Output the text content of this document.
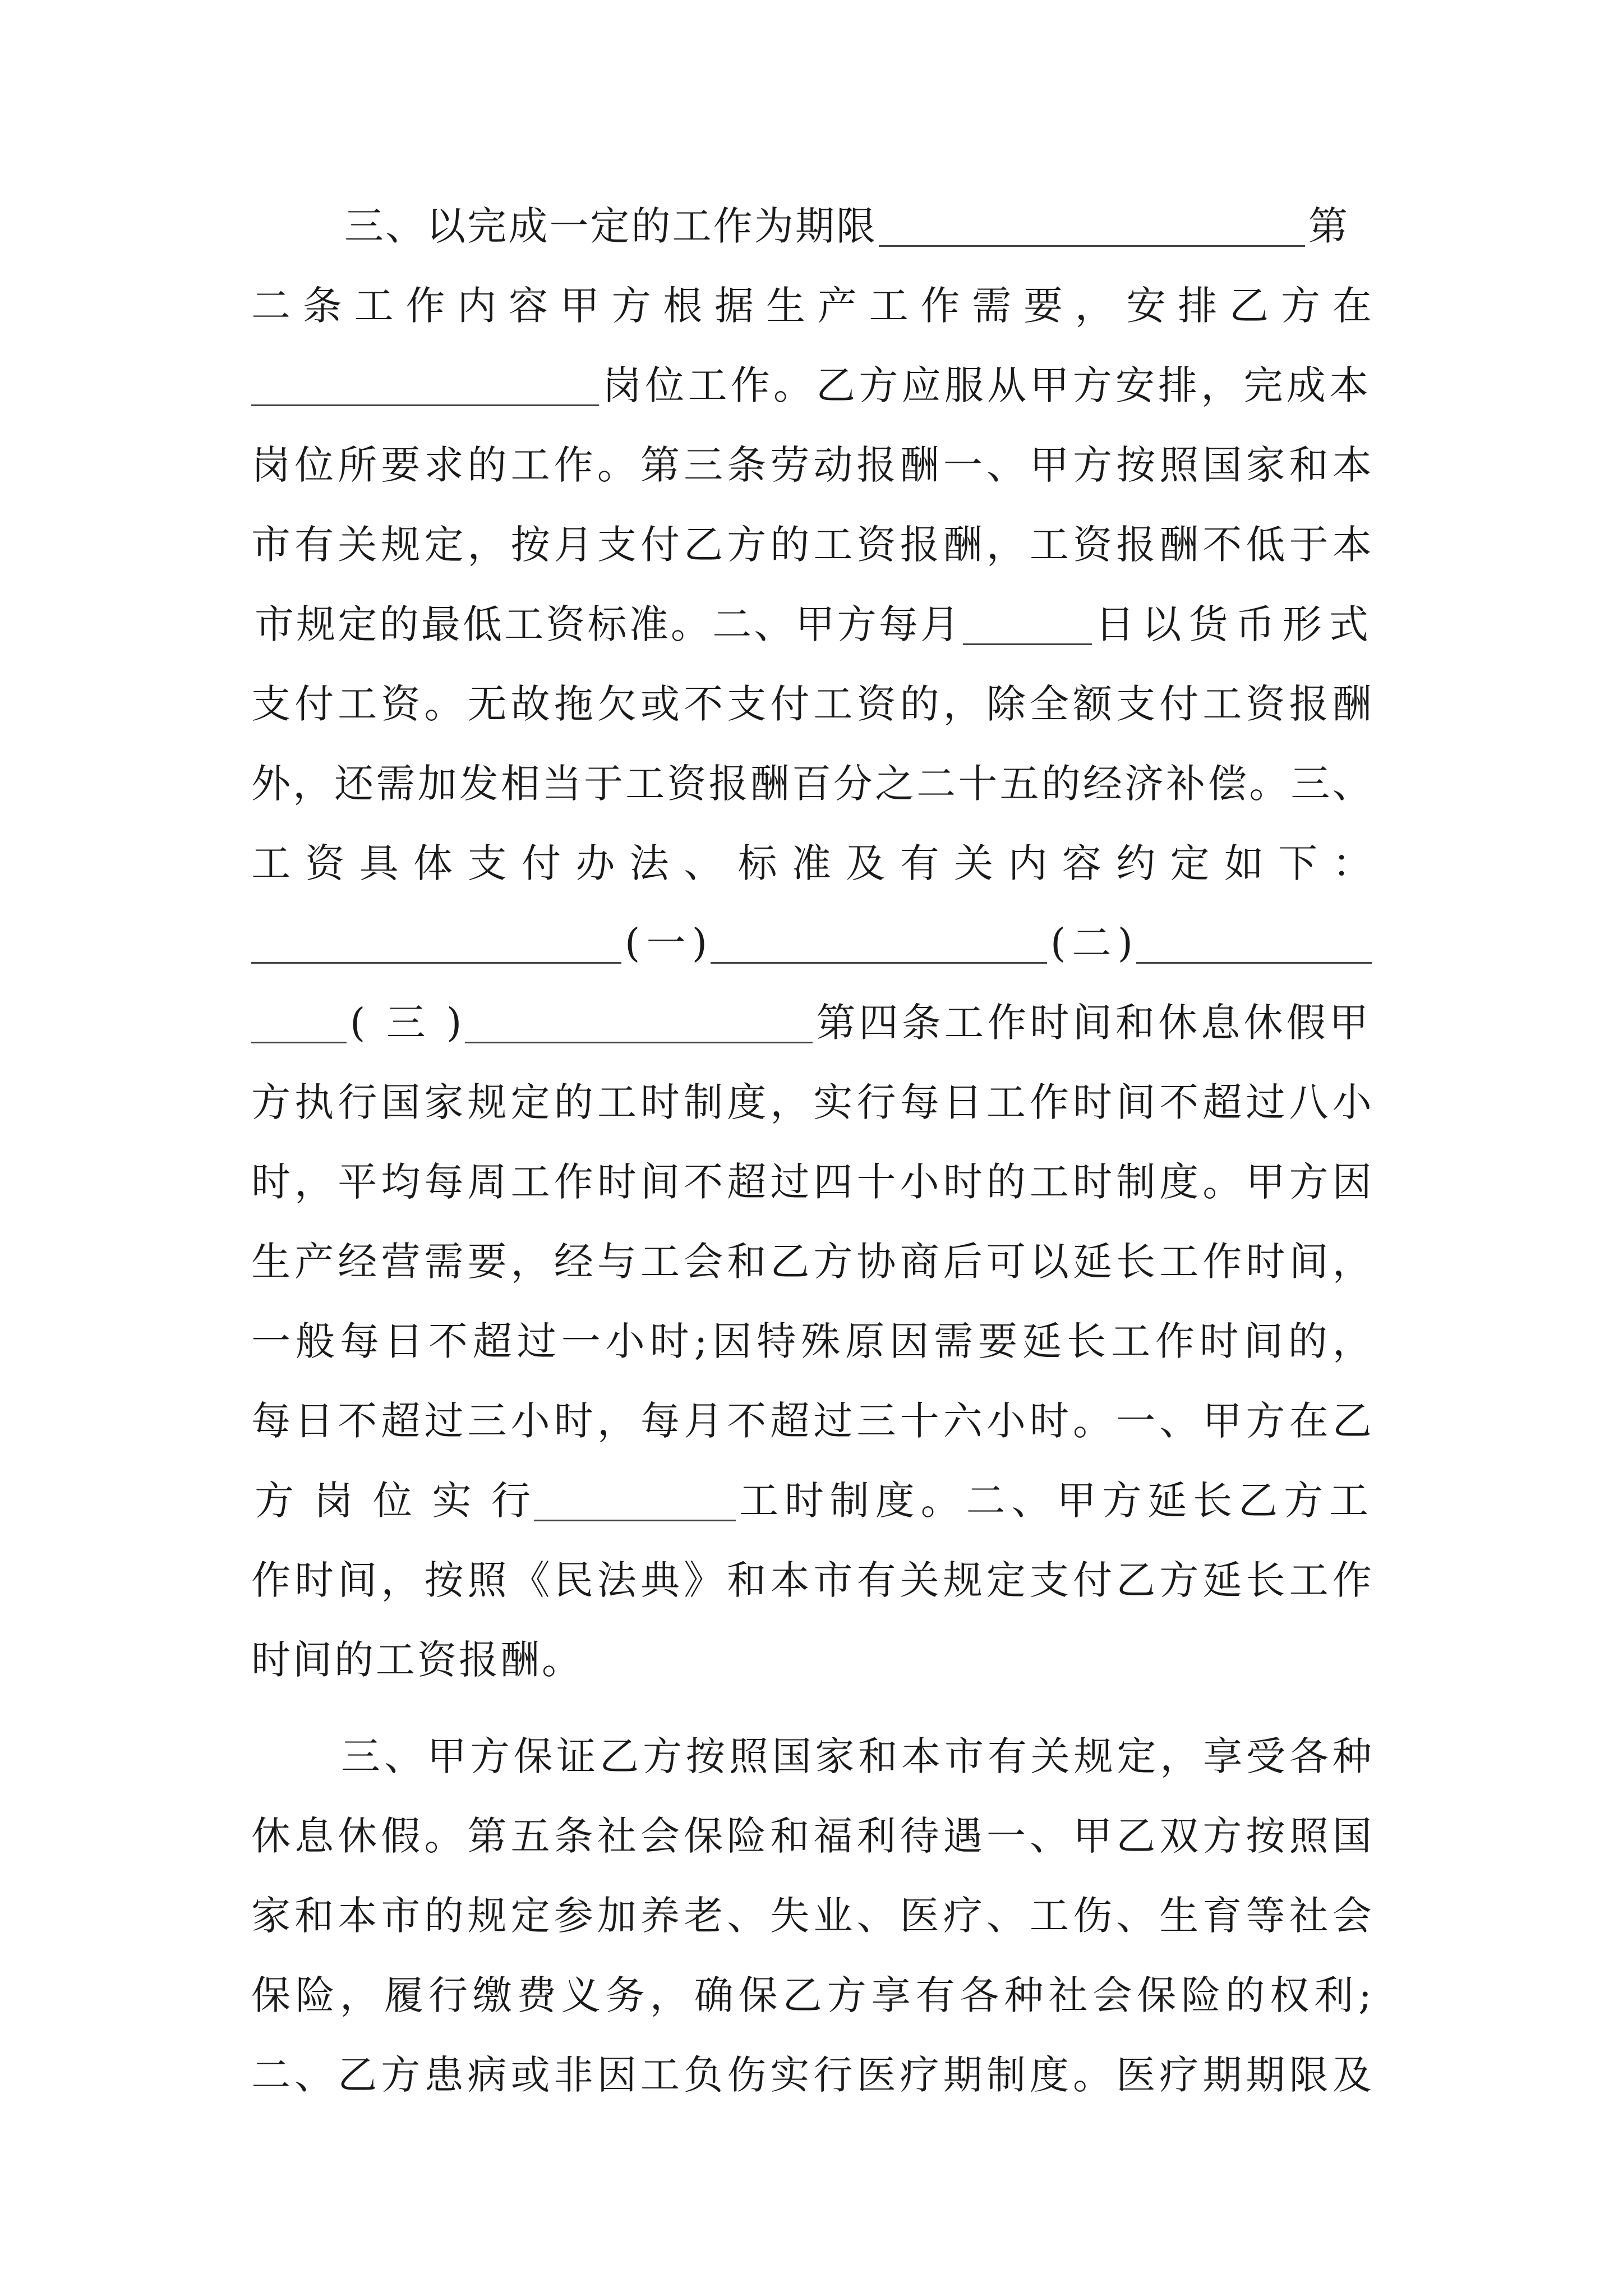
三 、 以 完 成 一 定 的 工 作 为 期 限	第
二 条 工 作 内 容 甲 方 根 据 生 产 工 作 需 要 ， 安 排 乙 方 在
岗 位 工 作 。 乙 方 应 服 从 甲 方 安 排 ， 完 成 本
岗 位 所 要 求 的 工 作 。 第 三 条 劳 动 报 酬 一 、 甲 方 按 照 国 家 和 本
市 有 关 规 定 ， 按 月 支 付 乙 方 的 工 资 报 酬 ， 工 资 报 酬 不 低 于 本
市 规 定 的 最 低 工 资 标 准 。 二 、 甲 方 每 月	日 以 货 币 形 式
支 付 工 资 。 无 故 拖 欠 或 不 支 付 工 资 的 ， 除 全 额 支 付 工 资 报 酬
外 ， 还 需 加 发 相 当 于 工 资 报 酬 百 分 之 二 十 五 的 经 济 补 偿 。 三 、
工 资 具 体 支 付 办 法 、 标 准 及 有 关 内 容 约 定 如 下 ：
( 一 )	( 二 )
( 三 )	第 四 条 工 作 时 间 和 休 息 休 假 甲
方 执 行 国 家 规 定 的 工 时 制 度 ， 实 行 每 日 工 作 时 间 不 超 过 八 小
时 ， 平 均 每 周 工 作 时 间 不 超 过 四 十 小 时 的 工 时 制 度 。 甲 方 因
生 产 经 营 需 要 ， 经 与 工 会 和 乙 方 协 商 后 可 以 延 长 工 作 时 间 ，
一 般 每 日 不 超 过 一 小 时 ; 因 特 殊 原 因 需 要 延 长 工 作 时 间 的 ，
每 日 不 超 过 三 小 时 ， 每 月 不 超 过 三 十 六 小 时 。 一 、 甲 方 在 乙
方 岗 位 实 行	工 时 制 度 。 二 、 甲 方 延 长 乙 方 工
作 时 间 ， 按 照 《 民 法 典 》 和 本 市 有 关 规 定 支 付 乙 方 延 长 工 作
时间的工资报酬。
三 、 甲 方 保 证 乙 方 按 照 国 家 和 本 市 有 关 规 定 ， 享 受 各 种
休 息 休 假 。 第 五 条 社 会 保 险 和 福 利 待 遇 一 、 甲 乙 双 方 按 照 国
家 和 本 市 的 规 定 参 加 养 老 、 失 业 、 医 疗 、 工 伤 、 生 育 等 社 会
保 险 ， 履 行 缴 费 义 务 ， 确 保 乙 方 享 有 各 种 社 会 保 险 的 权 利 ;
二 、 乙 方 患 病 或 非 因 工 负 伤 实 行 医 疗 期 制 度 。 医 疗 期 期 限 及
